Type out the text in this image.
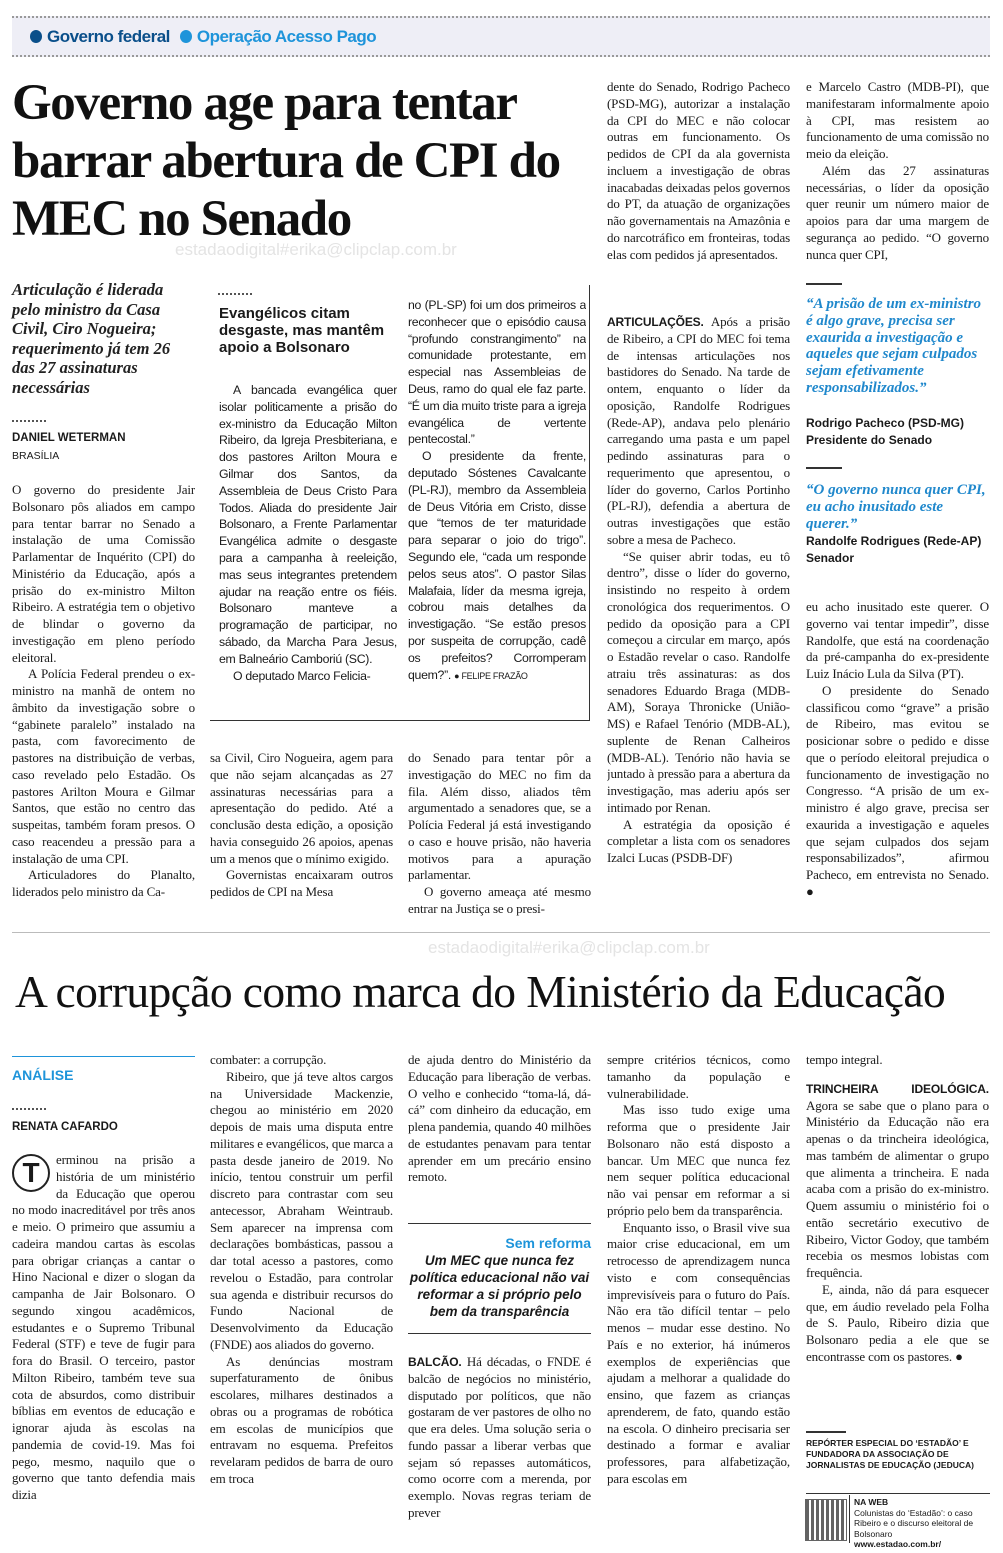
Governo federal Operação Acesso Pago
Governo age para tentar barrar abertura de CPI do MEC no Senado
estadaodigital#erika@clipclap.com.br
Articulação é liderada pelo ministro da Casa Civil, Ciro Nogueira; requerimento já tem 26 das 27 assinaturas necessárias
DANIEL WETERMAN
BRASÍLIA

O governo do presidente Jair Bolsonaro pôs aliados em campo para tentar barrar no Senado a instalação de uma Comissão Parlamentar de Inquérito (CPI) do Ministério da Educação, após a prisão do ex-ministro Milton Ribeiro. A estratégia tem o objetivo de blindar o governo da investigação em pleno período eleitoral.

A Polícia Federal prendeu o ex-ministro na manhã de ontem no âmbito da investigação sobre o “gabinete paralelo” instalado na pasta, com favorecimento de pastores na distribuição de verbas, caso revelado pelo Estadão. Os pastores Arilton Moura e Gilmar Santos, que estão no centro das suspeitas, também foram presos. O caso reacendeu a pressão para a instalação de uma CPI.

Articuladores do Planalto, liderados pelo ministro da Ca-

Evangélicos citam desgaste, mas mantêm apoio a Bolsonaro

A bancada evangélica quer isolar politicamente a prisão do ex-ministro da Educação Milton Ribeiro, da Igreja Presbiteriana, e dos pastores Arilton Moura e Gilmar dos Santos, da Assembleia de Deus Cristo Para Todos. Aliada do presidente Jair Bolsonaro, a Frente Parlamentar Evangélica admite o desgaste para a campanha à reeleição, mas seus integrantes pretendem ajudar na reação entre os fiéis. Bolsonaro manteve a programação de participar, no sábado, da Marcha Para Jesus, em Balneário Camboriú (SC).

O deputado Marco Felicia-

no (PL-SP) foi um dos primeiros a reconhecer que o episódio causa “profundo constrangimento” na comunidade protestante, em especial nas Assembleias de Deus, ramo do qual ele faz parte. “É um dia muito triste para a igreja evangélica de vertente pentecostal.”

O presidente da frente, deputado Sóstenes Cavalcante (PL-RJ), membro da Assembleia de Deus Vitória em Cristo, disse que “temos de ter maturidade para separar o joio do trigo”. Segundo ele, “cada um responde pelos seus atos”. O pastor Silas Malafaia, líder da mesma igreja, cobrou mais detalhes da investigação. “Se estão presos por suspeita de corrupção, cadê os prefeitos? Corromperam quem?”. ● FELIPE FRAZÃO

sa Civil, Ciro Nogueira, agem para que não sejam alcançadas as 27 assinaturas necessárias para a apresentação do pedido. Até a conclusão desta edição, a oposição havia conseguido 26 apoios, apenas um a menos que o mínimo exigido.

Governistas encaixaram outros pedidos de CPI na Mesa

do Senado para tentar pôr a investigação do MEC no fim da fila. Além disso, aliados têm argumentado a senadores que, se a Polícia Federal já está investigando o caso e houve prisão, não haveria motivos para a apuração parlamentar.

O governo ameaça até mesmo entrar na Justiça se o presi-

dente do Senado, Rodrigo Pacheco (PSD-MG), autorizar a instalação da CPI do MEC e não colocar outras em funcionamento. Os pedidos de CPI da ala governista incluem a investigação de obras inacabadas deixadas pelos governos do PT, da atuação de organizações não governamentais na Amazônia e do narcotráfico em fronteiras, todas elas com pedidos já apresentados.

ARTICULAÇÕES. Após a prisão de Ribeiro, a CPI do MEC foi tema de intensas articulações nos bastidores do Senado. Na tarde de ontem, enquanto o líder da oposição, Randolfe Rodrigues (Rede-AP), andava pelo plenário carregando uma pasta e um papel pedindo assinaturas para o requerimento que apresentou, o líder do governo, Carlos Portinho (PL-RJ), defendia a abertura de outras investigações que estão sobre a mesa de Pacheco.

“Se quiser abrir todas, eu tô dentro”, disse o líder do governo, insistindo no respeito à ordem cronológica dos requerimentos. O pedido da oposição para a CPI começou a circular em março, após o Estadão revelar o caso. Randolfe atraiu três assinaturas: as dos senadores Eduardo Braga (MDB-AM), Soraya Thronicke (União-MS) e Rafael Tenório (MDB-AL), suplente de Renan Calheiros (MDB-AL). Tenório não havia se juntado à pressão para a abertura da investigação, mas aderiu após ser intimado por Renan.

A estratégia da oposição é completar a lista com os senadores Izalci Lucas (PSDB-DF)

e Marcelo Castro (MDB-PI), que manifestaram informalmente apoio à CPI, mas resistem ao funcionamento de uma comissão no meio da eleição.

Além das 27 assinaturas necessárias, o líder da oposição quer reunir um número maior de apoios para dar uma margem de segurança ao pedido. “O governo nunca quer CPI,

“A prisão de um ex-ministro é algo grave, precisa ser exaurida a investigação e aqueles que sejam culpados sejam efetivamente responsabilizados.”
Rodrigo Pacheco (PSD-MG)
Presidente do Senado
“O governo nunca quer CPI, eu acho inusitado este querer.”
Randolfe Rodrigues (Rede-AP)
Senador

eu acho inusitado este querer. O governo vai tentar impedir”, disse Randolfe, que está na coordenação da pré-campanha do ex-presidente Luiz Inácio Lula da Silva (PT).

O presidente do Senado classificou como “grave” a prisão de Ribeiro, mas evitou se posicionar sobre o pedido e disse que o período eleitoral prejudica o funcionamento de investigação no Congresso. “A prisão de um ex-ministro é algo grave, precisa ser exaurida a investigação e aqueles que sejam culpados dos sejam responsabilizados”, afirmou Pacheco, em entrevista no Senado. ●

estadaodigital#erika@clipclap.com.br
A corrupção como marca do Ministério da Educação
ANÁLISE
RENATA CAFARDO
T	erminou na prisão a história de um ministério da Educação que operou no modo inacreditável por três anos e meio. O primeiro que assumiu a cadeira mandou cartas às escolas para obrigar crianças a cantar o Hino Nacional e dizer o slogan da campanha de Jair Bolsonaro. O segundo xingou acadêmicos, estudantes e o Supremo Tribunal Federal (STF) e teve de fugir para fora do Brasil. O terceiro, pastor Milton Ribeiro, também teve sua cota de absurdos, como distribuir bíblias em eventos de educação e ignorar ajuda às escolas na pandemia de covid-19. Mas foi pego, mesmo, naquilo que o governo que tanto defendia mais dizia

combater: a corrupção.

Ribeiro, que já teve altos cargos na Universidade Mackenzie, chegou ao ministério em 2020 depois de mais uma disputa entre militares e evangélicos, que marca a pasta desde janeiro de 2019. No início, tentou construir um perfil discreto para contrastar com seu antecessor, Abraham Weintraub. Sem aparecer na imprensa com declarações bombásticas, passou a dar total acesso a pastores, como revelou o Estadão, para controlar sua agenda e distribuir recursos do Fundo Nacional de Desenvolvimento da Educação (FNDE) aos aliados do governo.

As denúncias mostram superfaturamento de ônibus escolares, milhares destinados a obras ou a programas de robótica em escolas de municípios que entravam no esquema. Prefeitos revelaram pedidos de barra de ouro em troca

de ajuda dentro do Ministério da Educação para liberação de verbas. O velho e conhecido “toma-lá, dá-cá” com dinheiro da educação, em plena pandemia, quando 40 milhões de estudantes penavam para tentar aprender em um precário ensino remoto.

Sem reforma
Um MEC que nunca fez política educacional não vai reformar a si próprio pelo bem da transparência

BALCÃO. Há décadas, o FNDE é balcão de negócios no ministério, disputado por políticos, que não gostaram de ver pastores de olho no que era deles. Uma solução seria o fundo passar a liberar verbas que sejam só repasses automáticos, como ocorre com a merenda, por exemplo. Novas regras teriam de prever

sempre critérios técnicos, como tamanho da população e vulnerabilidade.

Mas isso tudo exige uma reforma que o presidente Jair Bolsonaro não está disposto a bancar. Um MEC que nunca fez nem sequer política educacional não vai pensar em reformar a si próprio pelo bem da transparência.

Enquanto isso, o Brasil vive sua maior crise educacional, em um retrocesso de aprendizagem nunca visto e com consequências imprevisíveis para o futuro do País. Não era tão difícil tentar – pelo menos – mudar esse destino. No País e no exterior, há inúmeros exemplos de experiências que ajudam a melhorar a qualidade do ensino, que fazem as crianças aprenderem, de fato, quando estão na escola. O dinheiro precisaria ser destinado a formar e avaliar professores, para alfabetização, para escolas em

tempo integral.

TRINCHEIRA IDEOLÓGICA. Agora se sabe que o plano para o Ministério da Educação não era apenas o da trincheira ideológica, mas também de alimentar o grupo que alimenta a trincheira. E nada acaba com a prisão do ex-ministro. Quem assumiu o ministério foi o então secretário executivo de Ribeiro, Victor Godoy, que também recebia os mesmos lobistas com frequência.

E, ainda, não dá para esquecer que, em áudio revelado pela Folha de S. Paulo, Ribeiro dizia que Bolsonaro pedia a ele que se encontrasse com os pastores. ●

REPÓRTER ESPECIAL DO ‘ESTADÃO’ E FUNDADORA DA ASSOCIAÇÃO DE JORNALISTAS DE EDUCAÇÃO (JEDUCA)
NA WEB
Colunistas do ‘Estadão’: o caso Ribeiro e o discurso eleitoral de Bolsonaro
www.estadao.com.br/
